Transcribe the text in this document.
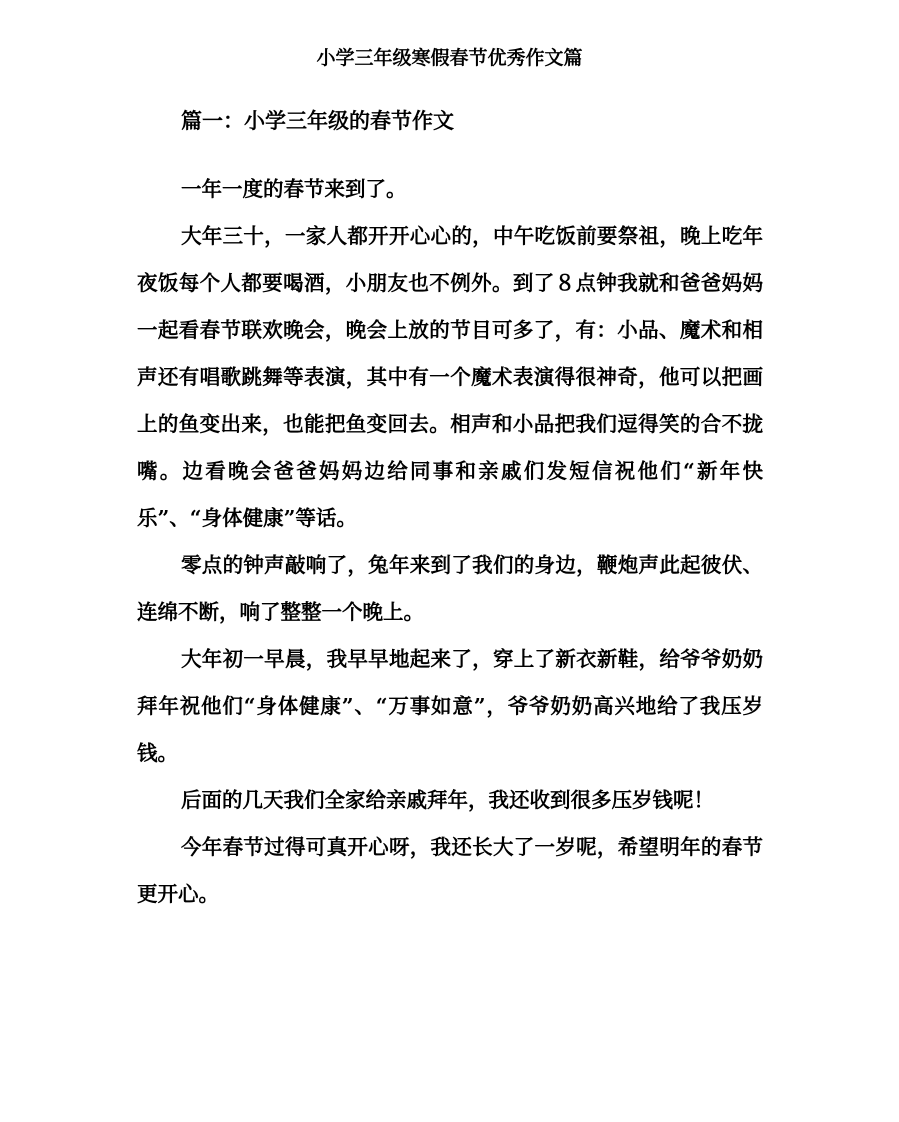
小学三年级寒假春节优秀作文篇
篇一：小学三年级的春节作文

一年一度的春节来到了。

大年三十，一家人都开开心心的，中午吃饭前要祭祖，晚上吃年夜饭每个人都要喝酒，小朋友也不例外。到了８点钟我就和爸爸妈妈一起看春节联欢晚会，晚会上放的节目可多了，有：小品、魔术和相声还有唱歌跳舞等表演，其中有一个魔术表演得很神奇，他可以把画上的鱼变出来，也能把鱼变回去。相声和小品把我们逗得笑的合不拢嘴。边看晚会爸爸妈妈边给同事和亲戚们发短信祝他们“新年快乐”、“身体健康”等话。

零点的钟声敲响了，兔年来到了我们的身边，鞭炮声此起彼伏、连绵不断，响了整整一个晚上。

大年初一早晨，我早早地起来了，穿上了新衣新鞋，给爷爷奶奶拜年祝他们“身体健康”、“万事如意”，爷爷奶奶高兴地给了我压岁钱。

后面的几天我们全家给亲戚拜年，我还收到很多压岁钱呢！

今年春节过得可真开心呀，我还长大了一岁呢，希望明年的春节更开心。
